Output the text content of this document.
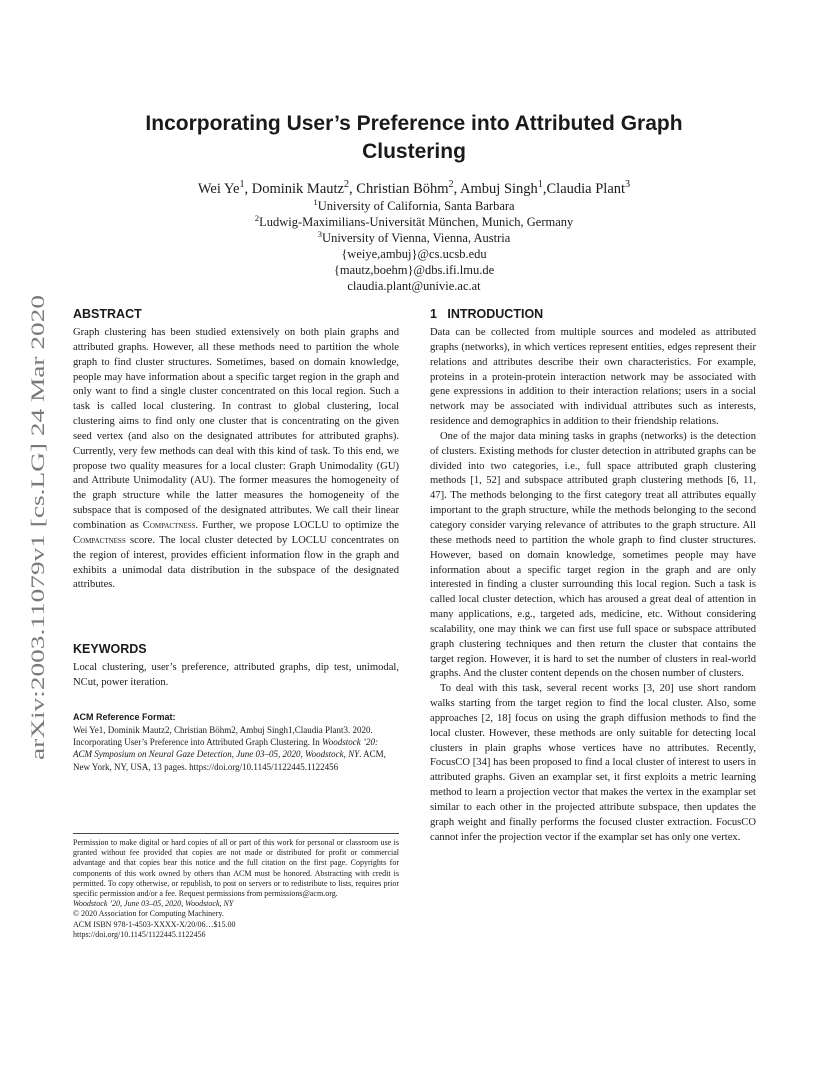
Incorporating User’s Preference into Attributed Graph
Clustering
Wei Ye$^1$, Dominik Mautz$^2$, Christian Böhm$^2$, Ambuj Singh$^1$,Claudia Plant$^3$
$^1$University of California, Santa Barbara
$^2$Ludwig-Maximilians-Universität München, Munich, Germany
$^3$University of Vienna, Vienna, Austria
{weiye,ambuj}@cs.ucsb.edu
{mautz,boehm}@dbs.ifi.lmu.de
claudia.plant@univie.ac.at
arXiv:2003.11079v1 [cs.LG] 24 Mar 2020
ABSTRACT

Graph clustering has been studied extensively on both plain graphs and attributed graphs. However, all these methods need to partition the whole graph to find cluster structures. Sometimes, based on domain knowledge, people may have information about a specific target region in the graph and only want to find a single cluster concentrated on this local region. Such a task is called local clustering. In contrast to global clustering, local clustering aims to find only one cluster that is concentrating on the given seed vertex (and also on the designated attributes for attributed graphs). Currently, very few methods can deal with this kind of task. To this end, we propose two quality measures for a local cluster: Graph Unimodality (GU) and Attribute Unimodality (AU). The former measures the homogeneity of the graph structure while the latter measures the homogeneity of the subspace that is composed of the designated attributes. We call their linear combination as Compactness. Further, we propose LOCLU to optimize the Compactness score. The local cluster detected by LOCLU concentrates on the region of interest, provides efficient information flow in the graph and exhibits a unimodal data distribution in the subspace of the designated attributes.

KEYWORDS

Local clustering, user’s preference, attributed graphs, dip test, unimodal, NCut, power iteration.

ACM Reference Format:

Wei Ye1, Dominik Mautz2, Christian Böhm2, Ambuj Singh1,Claudia Plant3. 2020. Incorporating User’s Preference into Attributed Graph Clustering. In Woodstock ’20: ACM Symposium on Neural Gaze Detection, June 03–05, 2020, Woodstock, NY. ACM, New York, NY, USA, 13 pages. https://doi.org/10.1145/1122445.1122456

Permission to make digital or hard copies of all or part of this work for personal or classroom use is granted without fee provided that copies are not made or distributed for profit or commercial advantage and that copies bear this notice and the full citation on the first page. Copyrights for components of this work owned by others than ACM must be honored. Abstracting with credit is permitted. To copy otherwise, or republish, to post on servers or to redistribute to lists, requires prior specific permission and/or a fee. Request permissions from permissions@acm.org.

Woodstock ’20, June 03–05, 2020, Woodstock, NY

© 2020 Association for Computing Machinery.

ACM ISBN 978-1-4503-XXXX-X/20/06…$15.00

https://doi.org/10.1145/1122445.1122456

1   INTRODUCTION

Data can be collected from multiple sources and modeled as attributed graphs (networks), in which vertices represent entities, edges represent their relations and attributes describe their own characteristics. For example, proteins in a protein-protein interaction network may be associated with gene expressions in addition to their interaction relations; users in a social network may be associated with individual attributes such as interests, residence and demographics in addition to their friendship relations.

One of the major data mining tasks in graphs (networks) is the detection of clusters. Existing methods for cluster detection in attributed graphs can be divided into two categories, i.e., full space attributed graph clustering methods [1, 52] and subspace attributed graph clustering methods [6, 11, 47]. The methods belonging to the first category treat all attributes equally important to the graph structure, while the methods belonging to the second category consider varying relevance of attributes to the graph structure. All these methods need to partition the whole graph to find cluster structures. However, based on domain knowledge, sometimes people may have information about a specific target region in the graph and are only interested in finding a cluster surrounding this local region. Such a task is called local cluster detection, which has aroused a great deal of attention in many applications, e.g., targeted ads, medicine, etc. Without considering scalability, one may think we can first use full space or subspace attributed graph clustering techniques and then return the cluster that contains the target region. However, it is hard to set the number of clusters in real-world graphs. And the cluster content depends on the chosen number of clusters.

To deal with this task, several recent works [3, 20] use short random walks starting from the target region to find the local cluster. Also, some approaches [2, 18] focus on using the graph diffusion methods to find the local cluster. However, these methods are only suitable for detecting local clusters in plain graphs whose vertices have no attributes. Recently, FocusCO [34] has been proposed to find a local cluster of interest to users in attributed graphs. Given an examplar set, it first exploits a metric learning method to learn a projection vector that makes the vertex in the examplar set similar to each other in the projected attribute subspace, then updates the graph weight and finally performs the focused cluster extraction. FocusCO cannot infer the projection vector if the examplar set has only one vertex.
